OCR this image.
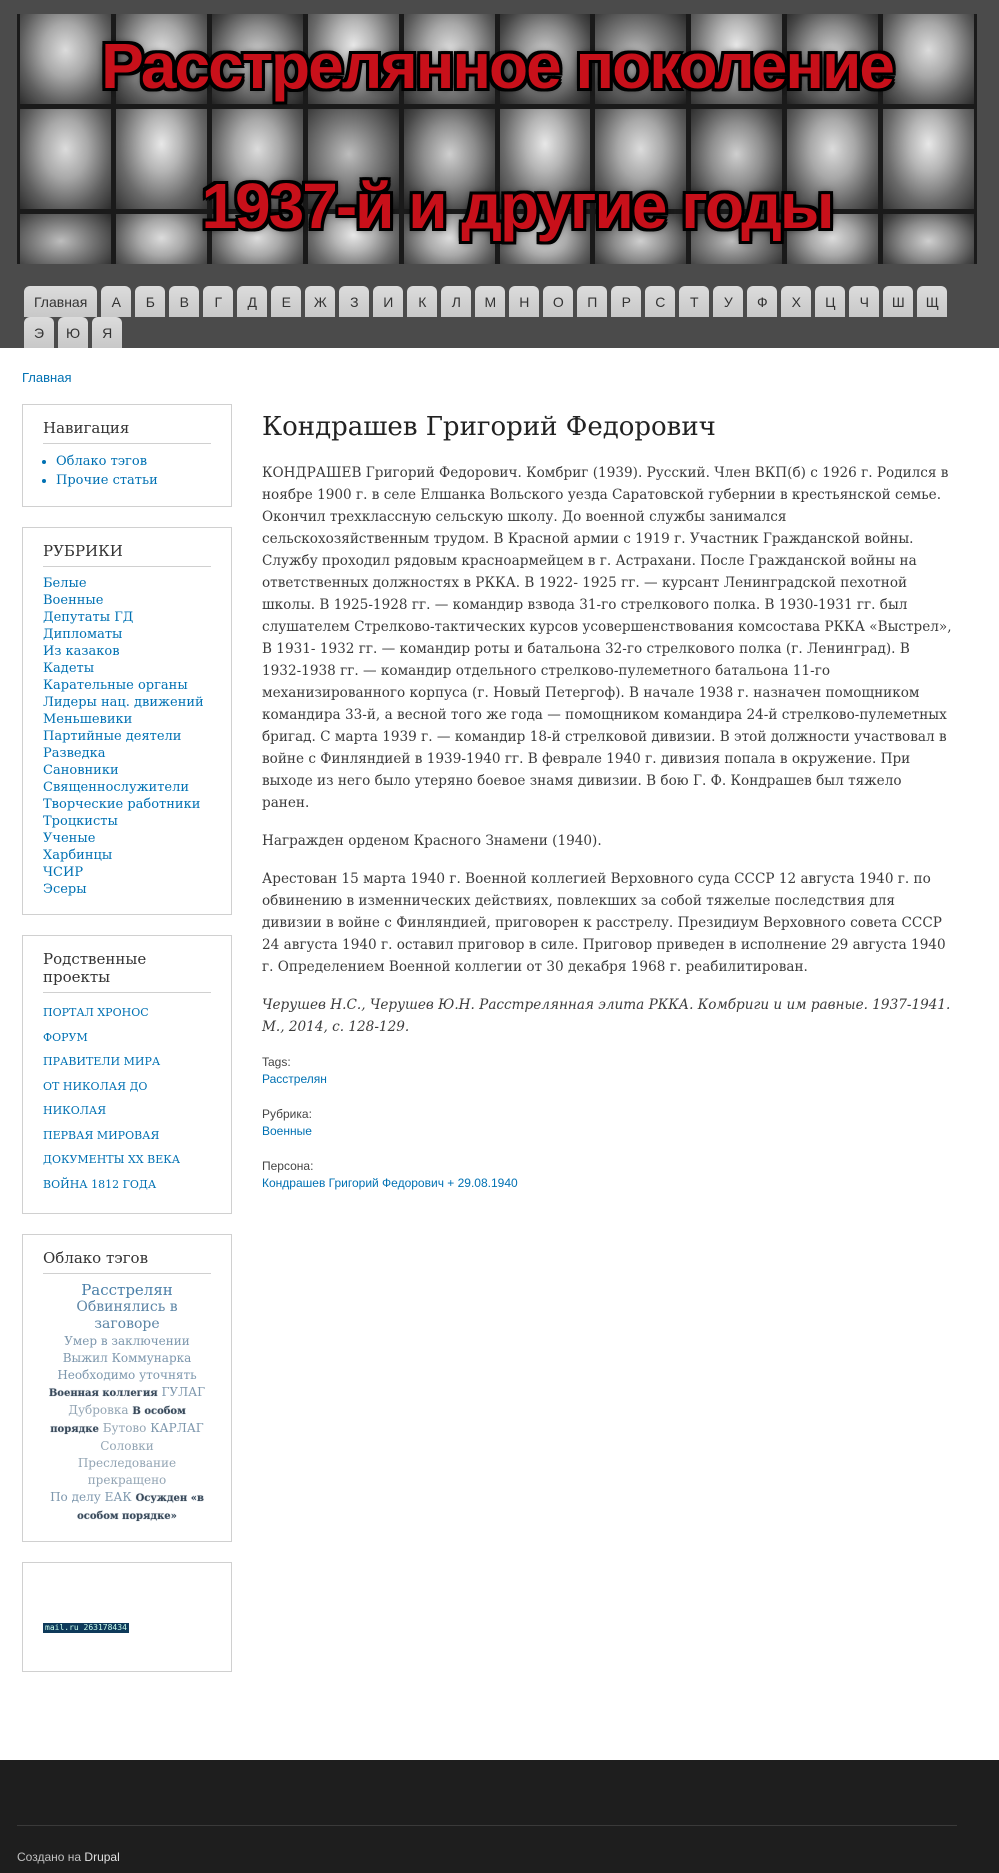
Расстрелянное поколение
1937-й и другие годы
Главная	А	Б	В	Г	Д	Е	Ж	З	И	К	Л	М	Н	О	П	Р	С	Т	У	Ф	Х	Ц	Ч	Ш	Щ
Э	Ю	Я
Главная
Навигация
• Облако тэгов
• Прочие статьи
РУБРИКИ
Белые
Военные
Депутаты ГД
Дипломаты
Из казаков
Кадеты
Карательные органы
Лидеры нац. движений
Меньшевики
Партийные деятели
Разведка
Сановники
Священнослужители
Творческие работники
Троцкисты
Ученые
Харбинцы
ЧСИР
Эсеры
Родственные проекты
ПОРТАЛ ХРОНОС
ФОРУМ
ПРАВИТЕЛИ МИРА
ОТ НИКОЛАЯ ДО НИКОЛАЯ
ПЕРВАЯ МИРОВАЯ
ДОКУМЕНТЫ XX ВЕКА
ВОЙНА 1812 ГОДА
Облако тэгов
Расстрелян
Обвинялись в заговоре
Умер в заключении
Выжил Коммунарка
Необходимо уточнять
Военная коллегия ГУЛАГ
Дубровка В особом порядке Бутово КАРЛАГ Соловки
Преследование прекращено
По делу ЕАК Осужден «в особом порядке»
mail.ru 263178434
Кондрашев Григорий Федорович

КОНДРАШЕВ Григорий Федорович. Комбриг (1939). Русский. Член ВКП(б) с 1926 г. Родился в ноябре 1900 г. в селе Елшанка Вольского уезда Саратовской губернии в крестьянской семье. Окончил трехклассную сельскую школу. До военной службы занимался сельскохозяйственным трудом. В Красной армии с 1919 г. Участник Гражданской войны. Службу проходил рядовым красноармейцем в г. Астрахани. После Гражданской войны на ответственных должностях в РККА. В 1922- 1925 гг. — курсант Ленинградской пехотной школы. В 1925-1928 гг. — командир взвода 31-го стрелкового полка. В 1930-1931 гг. был слушателем Стрелково-тактических курсов усовершенствования комсостава РККА «Выстрел», В 1931- 1932 гг. — командир роты и батальона 32-го стрелкового полка (г. Ленинград). В 1932-1938 гг. — командир отдельного стрелково-пулеметного батальона 11-го механизированного корпуса (г. Новый Петергоф). В начале 1938 г. назначен помощником командира 33-й, а весной того же года — помощником командира 24-й стрелково-пулеметных бригад. С марта 1939 г. — командир 18-й стрелковой дивизии. В этой должности участвовал в войне с Финляндией в 1939-1940 гг. В феврале 1940 г. дивизия попала в окружение. При выходе из него было утеряно боевое знамя дивизии. В бою Г. Ф. Кондрашев был тяжело ранен.

Награжден орденом Красного Знамени (1940).

Арестован 15 марта 1940 г. Военной коллегией Верховного суда СССР 12 августа 1940 г. по обвинению в изменнических действиях, повлекших за собой тяжелые последствия для дивизии в войне с Финляндией, приговорен к расстрелу. Президиум Верховного совета СССР 24 августа 1940 г. оставил приговор в силе. Приговор приведен в исполнение 29 августа 1940 г. Определением Военной коллегии от 30 декабря 1968 г. реабилитирован.

Черушев Н.С., Черушев Ю.Н. Расстрелянная элита РККА. Комбриги и им равные. 1937-1941. М., 2014, с. 128-129.

Tags:
Расстрелян
Рубрика:
Военные
Персона:
Кондрашев Григорий Федорович + 29.08.1940
Создано на Drupal
